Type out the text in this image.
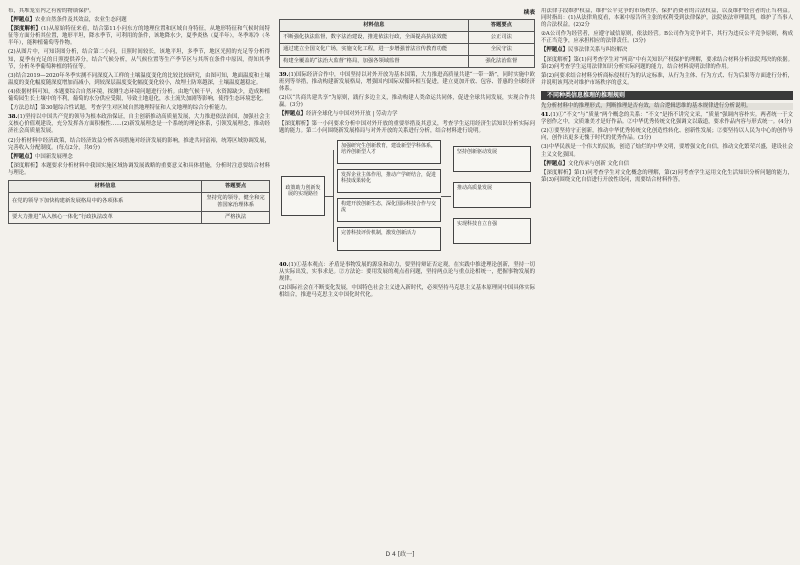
布，其堆笼室内之有密的物锁保护。

【押题点】农业自然条件及其效益，农业生态问题

【深度解析】(1)从原始特征来看，结合第11小问东方的地理位置和区域自身特征，从地形特征和气候时间特征等方面分析其位置，地形平坦，降水季节，可利用的条件，该地降水少，夏季炎热（夏半年），冬季寒冷（冬半年），能种植葡萄等作物。

(2)从图片中，可知读图分析，结合第二小问，日照时间较长，该地平坦，多季节，地区光照的充足等分析得知，夏季有充足的日照提供养分，结合气候分析，从气候位置等生产季节区与其所在条件中原因，得知其季节，分析冬季葡萄种植的特征等。

(3)结合2019—2020年冬季实测不同深度入工样的土壤温度变化的比较比较研究，由图可知，地面温度和土壤温度的变化幅度随深度增加而减小，到较深层温度变化幅度变化较小，故埋土防寒越深，土壤温度越稳定。

(4)依据材料可知，本题要综合自然环境，探测生态环境问题进行分析。由地气候干旱，水资源缺少，造成种植葡萄园生长土壤中的不利，葡萄的水分供应受限，导致土地退化，水土流失加剧等影响，使得生态环境恶化。

【方法总结】第30题综合性试题，考查学生对区域自然地理特征和人文地理的综合分析能力。

38.(1)坚持以中国共产党的领导为根本政治保证，自主创新推动高质量发展，大力推进依法治国，加强社会主义核心价值观建设，充分发挥各方面积极性……(2)新发展理念是一个系统的理论体系，引领发展理念，推动经济社会高质量发展。

(2)分析材料中经济政策，结合经济效益分析各项措施对经济发展的影响，推进共同富裕，统筹区域协调发展，完善收入分配制度。(每点2分，共6分)

【押题点】中国新发展理念

【深度解析】本题要求分析材料中我国实施区域协调发展战略的重要意义和具体措施，分析时注意要结合材料与理论。

材料信息	答题要点
在党的领导下加快构建新发展格局中的各项体系	坚持党的领导，健全和完善国家治理体系
要大力推进“从入核心一体化”行政执法改革	严格执法
续表
材料信息	答题要点
不断强化执法监督，数字法治建设，推进依法行政，全面提高执法效能	公正司法
通过建立全国文化广场，实施文化工程，进一步增强普法宣传教育功能	全民守法
构建全覆盖的“法治大监督”格局，加强各领域监督	强化法治监督

39.(1)国际经济合作中，中国坚持以对外开放为基本国策，大力推进高质量共建“一带一路”，同时实施中欧班列等举措，推动构建新发展格局，增强国内国际双循环相互促进，建立更加开放、包容、普惠的全球经济体系。

(2)以“共商共建共享”为原则，践行多边主义，推动构建人类命运共同体，促进全球共同发展，实现合作共赢。(3分)

【押题点】经济全球化与中国对外开放 | 劳动力学

【深度解析】第一小问要求分析中国对外开放的重要举措及其意义，考查学生运用经济生活知识分析实际问题的能力。第二小问围绕新发展格局与对外开放的关系进行分析，结合材料进行说明。

政策助力创新发展的实现路径
加强研究生创新教育，建设新型学科体系，培养创新型人才
发挥企业主体作用，推动产学研结合，促进科技成果转化
构建开放创新生态，深化国际科技合作与交流
完善科技评价机制，激发创新活力
坚持创新驱动发展
推动高质量发展
实现科技自立自强

40.(1)①基本观点：矛盾是事物发展的源泉和动力，要坚持辩证否定观，在实践中推进理论创新，坚持一切从实际出发，实事求是。②方法论：要用发展的观点看问题，坚持两点论与重点论相统一，把握事物发展的规律。

(2)国际社会在不断变化发展，中国特色社会主义进入新时代，必须坚持马克思主义基本原理同中国具体实际相结合，推进马克思主义中国化时代化。

用法律手段维护权益，维护公平竞争的市场秩序，保护消费者的合法权益，以及维护经营者的正当利益。同时指出：(1)从法律角度看，本案中原告所主张的权利受到法律保护，法院依法审理裁判，维护了当事人的合法权益。(2)2分

②A公司作为经营者，应遵守诚信原则，依法经营。B公司作为竞争对手，其行为违反公平竞争原则，构成不正当竞争，应承担相应的法律责任。(3分)

【押题点】民事法律关系与纠纷解决

【深度解析】第(1)问考查学生对“两高”中有关知识产权保护的理解，要求结合材料分析法院判决的依据。第(2)问考查学生运用法律知识分析实际问题的能力，结合材料说明法律的作用。

第(2)问要求结合材料分析商标侵权行为的认定标准，从行为主体、行为方式、行为后果等方面进行分析，并说明该判决对维护市场秩序的意义。

不同种类信息推理的推理规则

先分析材料中的推理形式，判断推理是否有效，结合逻辑思维的基本规律进行分析说明。

41.(1)①“不文”与“质量”两个概念的关系：“不文”是指不讲究文采，“质量”强调内容朴实。两者统一于文学创作之中，文质兼美才是好作品。②中华优秀传统文化强调文以载道，要求作品内容与形式统一。(4分)

(2)①要坚持守正创新，推动中华优秀传统文化创造性转化、创新性发展；②要坚持以人民为中心的创作导向，创作出更多无愧于时代的优秀作品。(3分)

(3)中华民族是一个伟大的民族，创造了灿烂的中华文明，要增强文化自信，推动文化繁荣兴盛，建设社会主义文化强国。

【押题点】文化传承与创新 文化自信

【深度解析】第(1)问考查学生对文化概念的理解，第(2)问考查学生运用文化生活知识分析问题的能力，第(3)问围绕文化自信进行开放性设问，需要结合材料作答。

D 4 [政一]
